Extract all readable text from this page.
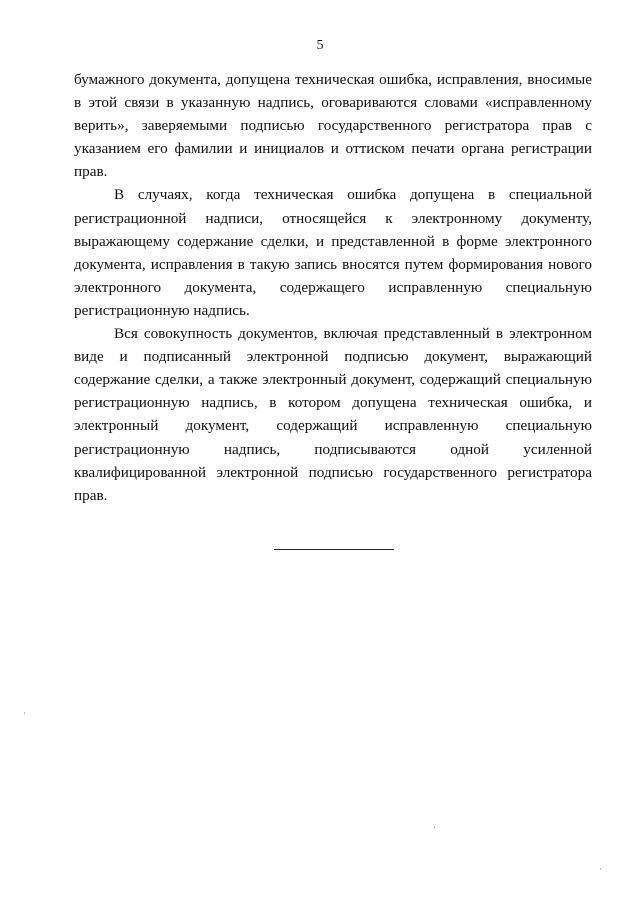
5

бумажного документа, допущена техническая ошибка, исправления, вносимые в этой связи в указанную надпись, оговариваются словами «исправленному верить», заверяемыми подписью государственного регистратора прав с указанием его фамилии и инициалов и оттиском печати органа регистрации прав.

В случаях, когда техническая ошибка допущена в специальной регистрационной надписи, относящейся к электронному документу, выражающему содержание сделки, и представленной в форме электронного документа, исправления в такую запись вносятся путем формирования нового электронного документа, содержащего исправленную специальную регистрационную надпись.

Вся совокупность документов, включая представленный в электронном виде и подписанный электронной подписью документ, выражающий содержание сделки, а также электронный документ, содержащий специальную регистрационную надпись, в котором допущена техническая ошибка, и электронный документ, содержащий исправленную специальную регистрационную надпись, подписываются одной усиленной квалифицированной электронной подписью государственного регистратора прав.
